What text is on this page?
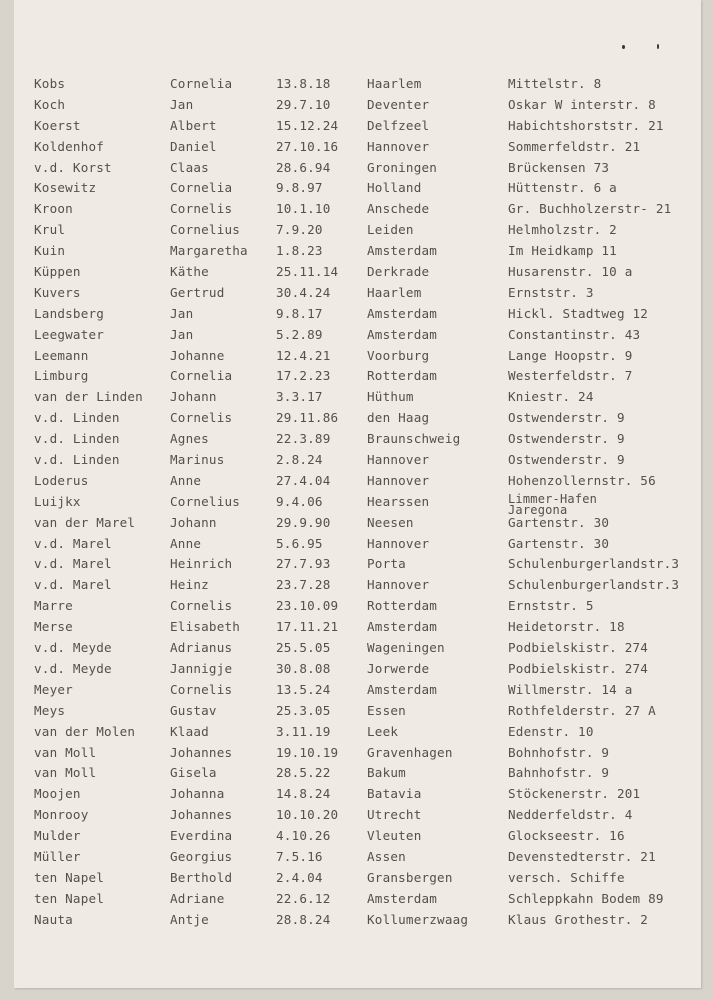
Kobs	Cornelia	13.8.18	Haarlem	Mittelstr. 8
Koch	Jan	29.7.10	Deventer	Oskar W interstr. 8
Koerst	Albert	15.12.24 Delfzeel	Habichtshorststr. 21
Koldenhof	Daniel	27.10.16 Hannover	Sommerfeldstr. 21
v.d. Korst	Claas	28.6.94	Groningen	Brückensen 73
Kosewitz	Cornelia	9.8.97	Holland	Hüttenstr. 6 a
Kroon	Cornelis	10.1.10	Anschede	Gr. Buchholzerstr- 21
Krul	Cornelius	7.9.20	Leiden	Helmholzstr. 2
Kuin	Margaretha 1.8.23	Amsterdam	Im Heidkamp 11
Küppen	Käthe	25.11.14 Derkrade	Husarenstr. 10 a
Kuvers	Gertrud	30.4.24	Haarlem	Ernststr. 3
Landsberg	Jan	9.8.17	Amsterdam	Hickl. Stadtweg 12
Leegwater	Jan	5.2.89	Amsterdam	Constantinstr. 43
Leemann	Johanne	12.4.21	Voorburg	Lange Hoopstr. 9
Limburg	Cornelia	17.2.23	Rotterdam	Westerfeldstr. 7
van der Linden Johann	3.3.17	Hüthum	Kniestr. 24
v.d. Linden	Cornelis	29.11.86 den Haag	Ostwenderstr. 9
v.d. Linden	Agnes	22.3.89	Braunschweig	Ostwenderstr. 9
v.d. Linden	Marinus	2.8.24	Hannover	Ostwenderstr. 9
Loderus	Anne	27.4.04	Hannover	Hohenzollernstr. 56
Luijkx	Cornelius	9.4.06	Hearssen	Limmer-Hafen
Jaregona
van der Marel	Johann	29.9.90	Neesen	Gartenstr. 30
v.d. Marel	Anne	5.6.95	Hannover	Gartenstr. 30
v.d. Marel	Heinrich	27.7.93	Porta	Schulenburgerlandstr.3
v.d. Marel	Heinz	23.7.28	Hannover	Schulenburgerlandstr.3
Marre	Cornelis	23.10.09 Rotterdam	Ernststr. 5
Merse	Elisabeth	17.11.21 Amsterdam	Heidetorstr. 18
v.d. Meyde	Adrianus	25.5.05	Wageningen	Podbielskistr. 274
v.d. Meyde	Jannigje	30.8.08	Jorwerde	Podbielskistr. 274
Meyer	Cornelis	13.5.24	Amsterdam	Willmerstr. 14 a
Meys	Gustav	25.3.05	Essen	Rothfelderstr. 27 A
van der Molen	Klaad	3.11.19	Leek	Edenstr. 10
van Moll	Johannes	19.10.19 Gravenhagen	Bohnhofstr. 9
van Moll	Gisela	28.5.22	Bakum	Bahnhofstr. 9
Moojen	Johanna	14.8.24	Batavia	Stöckenerstr. 201
Monrooy	Johannes	10.10.20 Utrecht	Nedderfeldstr. 4
Mulder	Everdina	4.10.26	Vleuten	Glockseestr. 16
Müller	Georgius	7.5.16	Assen	Devenstedterstr. 21
ten Napel	Berthold	2.4.04	Gransbergen	versch. Schiffe
ten Napel	Adriane	22.6.12	Amsterdam	Schleppkahn Bodem 89
Nauta	Antje	28.8.24	Kollumerzwaag	Klaus Grothestr. 2
